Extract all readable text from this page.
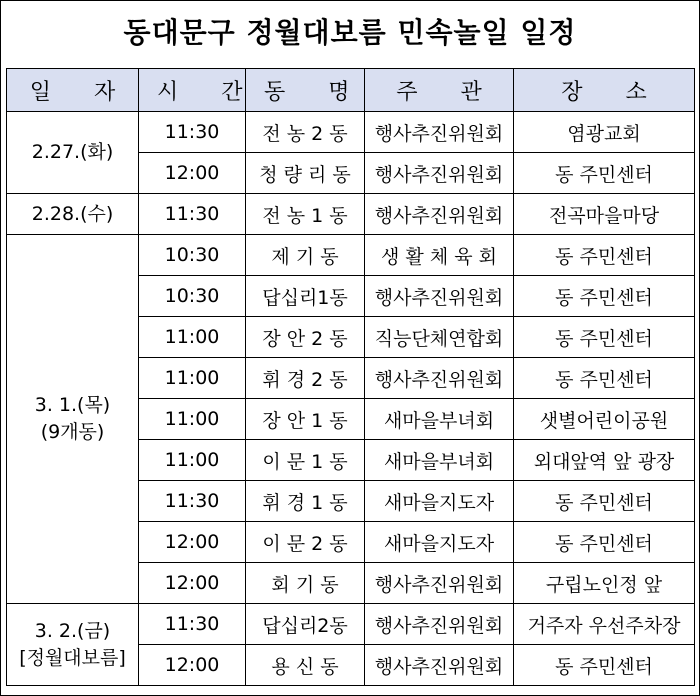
동대문구 정월대보름 민속놀일 일정
일 자	시 간	동 명	주 관	장 소

2.27.(화)	11:30	전 농 2 동	행사추진위원회	염광교회
	12:00	청 량 리 동	행사추진위원회	동 주민센터

2.28.(수)	11:30	전 농 1 동	행사추진위원회	전곡마을마당

3. 1.(목)
(9개동)	10:30	제 기 동	생 활 체 육 회	동 주민센터
	10:30	답십리1동	행사추진위원회	동 주민센터
	11:00	장 안 2 동	직능단체연합회	동 주민센터
	11:00	휘 경 2 동	행사추진위원회	동 주민센터
	11:00	장 안 1 동	새마을부녀회	샛별어린이공원
	11:00	이 문 1 동	새마을부녀회	외대앞역 앞 광장
	11:30	휘 경 1 동	새마을지도자	동 주민센터
	12:00	이 문 2 동	새마을지도자	동 주민센터
	12:00	회 기 동	행사추진위원회	구립노인정 앞

3. 2.(금)
[정월대보름]	11:30	답십리2동	행사추진위원회	거주자 우선주차장
	12:00	용 신 동	행사추진위원회	동 주민센터
